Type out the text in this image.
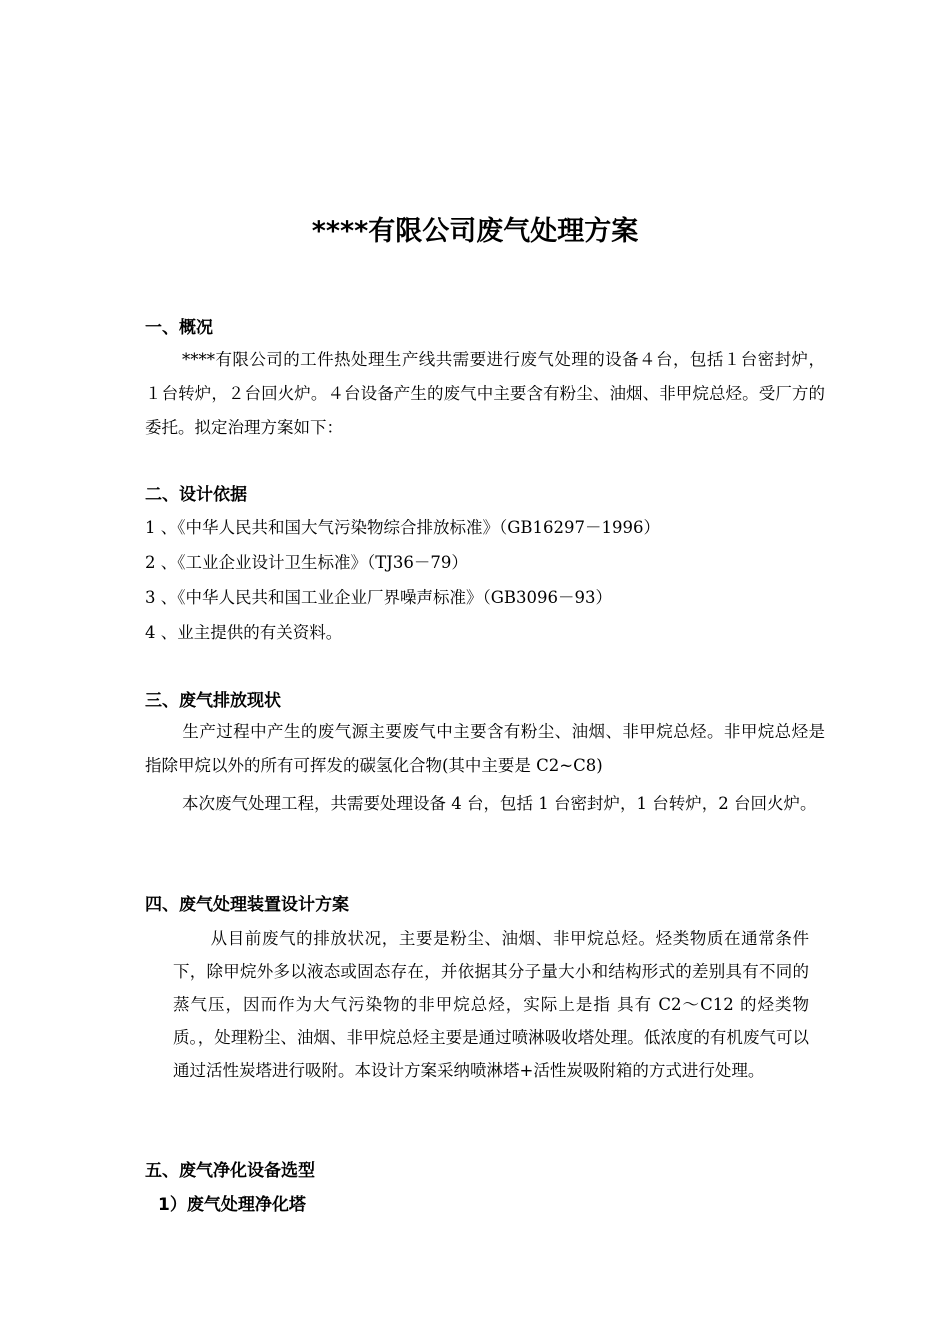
****有限公司废气处理方案
一、概况
****有限公司的工件热处理生产线共需要进行废气处理的设备４台，包括１台密封炉，１台转炉，２台回火炉。４台设备产生的废气中主要含有粉尘、油烟、非甲烷总烃。受厂方的委托。拟定治理方案如下：
二、设计依据
1 、《中华人民共和国大气污染物综合排放标准》（GB16297－1996）
2 、《工业企业设计卫生标准》（TJ36－79）
3 、《中华人民共和国工业企业厂界噪声标准》（GB3096－93）
4 、业主提供的有关资料。
三、废气排放现状
生产过程中产生的废气源主要废气中主要含有粉尘、油烟、非甲烷总烃。非甲烷总烃是指除甲烷以外的所有可挥发的碳氢化合物(其中主要是 C2~C8)
本次废气处理工程，共需要处理设备 4 台，包括 1 台密封炉，1 台转炉，2 台回火炉。
四、废气处理装置设计方案
从目前废气的排放状况，主要是粉尘、油烟、非甲烷总烃。烃类物质在通常条件下，除甲烷外多以液态或固态存在，并依据其分子量大小和结构形式的差别具有不同的蒸气压，因而作为大气污染物的非甲烷总烃，实际上是指 具有 C2～C12 的烃类物质。，处理粉尘、油烟、非甲烷总烃主要是通过喷淋吸收塔处理。低浓度的有机废气可以通过活性炭塔进行吸附。本设计方案采纳喷淋塔+活性炭吸附箱的方式进行处理。
五、废气净化设备选型
1）废气处理净化塔
